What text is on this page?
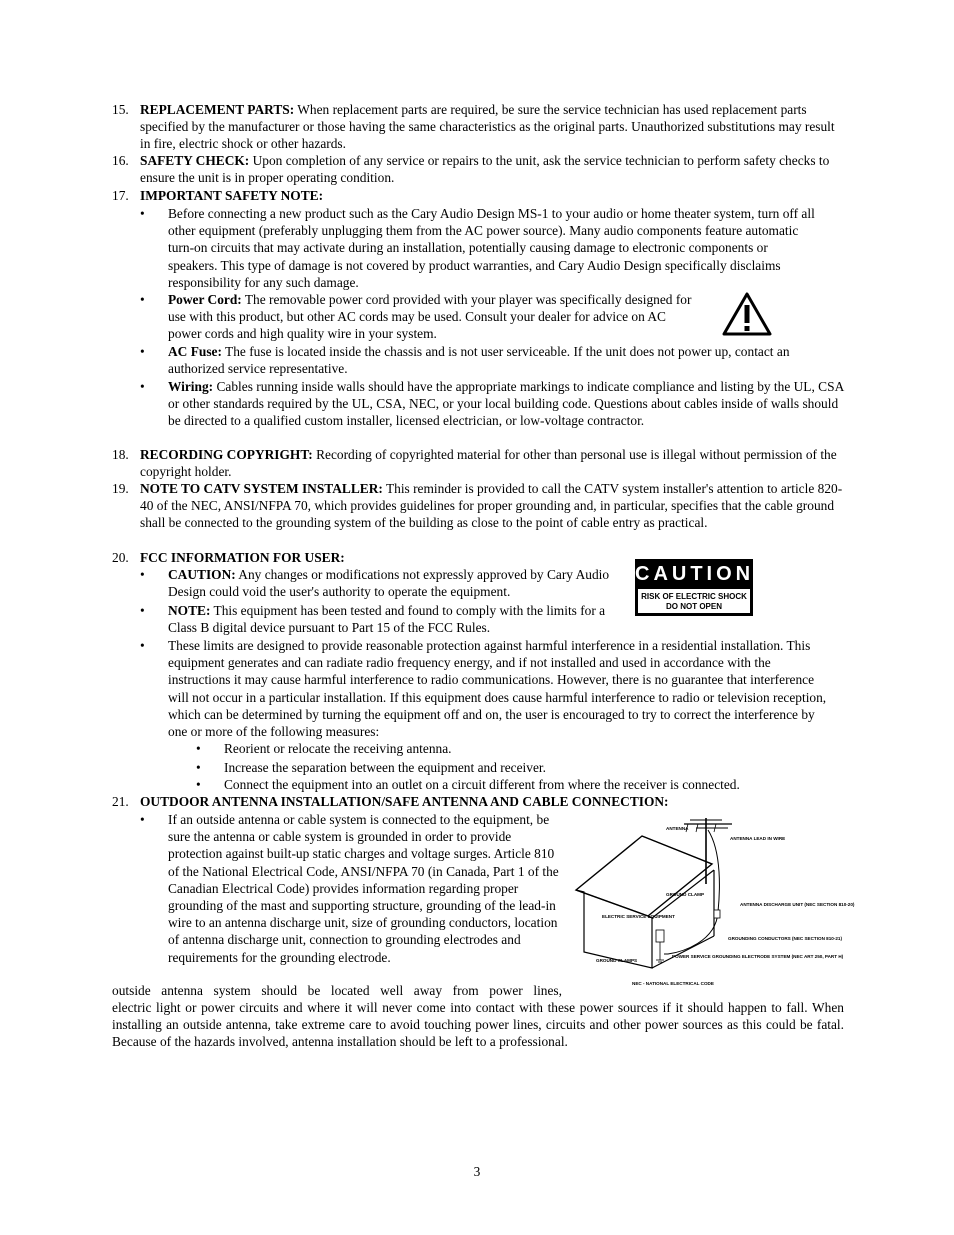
15. REPLACEMENT PARTS: When replacement parts are required, be sure the service technician has used replacement parts specified by the manufacturer or those having the same characteristics as the original parts. Unauthorized substitutions may result in fire, electric shock or other hazards.
16. SAFETY CHECK: Upon completion of any service or repairs to the unit, ask the service technician to perform safety checks to ensure the unit is in proper operating condition.
17. IMPORTANT SAFETY NOTE:
• Before connecting a new product such as the Cary Audio Design MS-1 to your audio or home theater system, turn off all other equipment (preferably unplugging them from the AC power source). Many audio components feature automatic turn-on circuits that may activate during an installation, potentially causing damage to electronic components or speakers. This type of damage is not covered by product warranties, and Cary Audio Design specifically disclaims responsibility for any such damage.
• Power Cord: The removable power cord provided with your player was specifically designed for use with this product, but other AC cords may be used. Consult your dealer for advice on AC power cords and high quality wire in your system.
• AC Fuse: The fuse is located inside the chassis and is not user serviceable. If the unit does not power up, contact an authorized service representative.
• Wiring: Cables running inside walls should have the appropriate markings to indicate compliance and listing by the UL, CSA or other standards required by the UL, CSA, NEC, or your local building code. Questions about cables inside of walls should be directed to a qualified custom installer, licensed electrician, or low-voltage contractor.
18. RECORDING COPYRIGHT: Recording of copyrighted material for other than personal use is illegal without permission of the copyright holder.
19. NOTE TO CATV SYSTEM INSTALLER: This reminder is provided to call the CATV system installer's attention to article 820-40 of the NEC, ANSI/NFPA 70, which provides guidelines for proper grounding and, in particular, specifies that the cable ground shall be connected to the grounding system of the building as close to the point of cable entry as practical.
20. FCC INFORMATION FOR USER:
• CAUTION: Any changes or modifications not expressly approved by Cary Audio Design could void the user's authority to operate the equipment.
CAUTION
RISK OF ELECTRIC SHOCK
DO NOT OPEN
• NOTE: This equipment has been tested and found to comply with the limits for a Class B digital device pursuant to Part 15 of the FCC Rules.
• These limits are designed to provide reasonable protection against harmful interference in a residential installation. This equipment generates and can radiate radio frequency energy, and if not installed and used in accordance with the instructions it may cause harmful interference to radio communications. However, there is no guarantee that interference will not occur in a particular installation. If this equipment does cause harmful interference to radio or television reception, which can be determined by turning the equipment off and on, the user is encouraged to try to correct the interference by one or more of the following measures:
• Reorient or relocate the receiving antenna.
• Increase the separation between the equipment and receiver.
• Connect the equipment into an outlet on a circuit different from where the receiver is connected.
21. OUTDOOR ANTENNA INSTALLATION/SAFE ANTENNA AND CABLE CONNECTION:
• If an outside antenna or cable system is connected to the equipment, be sure the antenna or cable system is grounded in order to provide protection against built-up static charges and voltage surges. Article 810 of the National Electrical Code, ANSI/NFPA 70 (in Canada, Part 1 of the Canadian Electrical Code) provides information regarding proper grounding of the mast and supporting structure, grounding of the lead-in wire to an antenna discharge unit, size of grounding conductors, location of antenna discharge unit, connection to grounding electrodes and requirements for the grounding electrode.
ANTENNA
ANTENNA LEAD IN WIRE
GROUND CLAMP
ANTENNA DISCHARGE UNIT (NEC SECTION 810-20)
ELECTRIC SERVICE EQUIPMENT
GROUNDING CONDUCTORS (NEC SECTION 810-21)
GROUND CLAMPS
POWER SERVICE GROUNDING ELECTRODE SYSTEM (NEC ART 250, PART H)
NEC - NATIONAL ELECTRICAL CODE
outside antenna system should be located well away from power lines,
electric light or power circuits and where it will never come into contact with these power sources if it should happen to fall. When installing an outside antenna, take extreme care to avoid touching power lines, circuits and other power sources as this could be fatal. Because of the hazards involved, antenna installation should be left to a professional.
3
